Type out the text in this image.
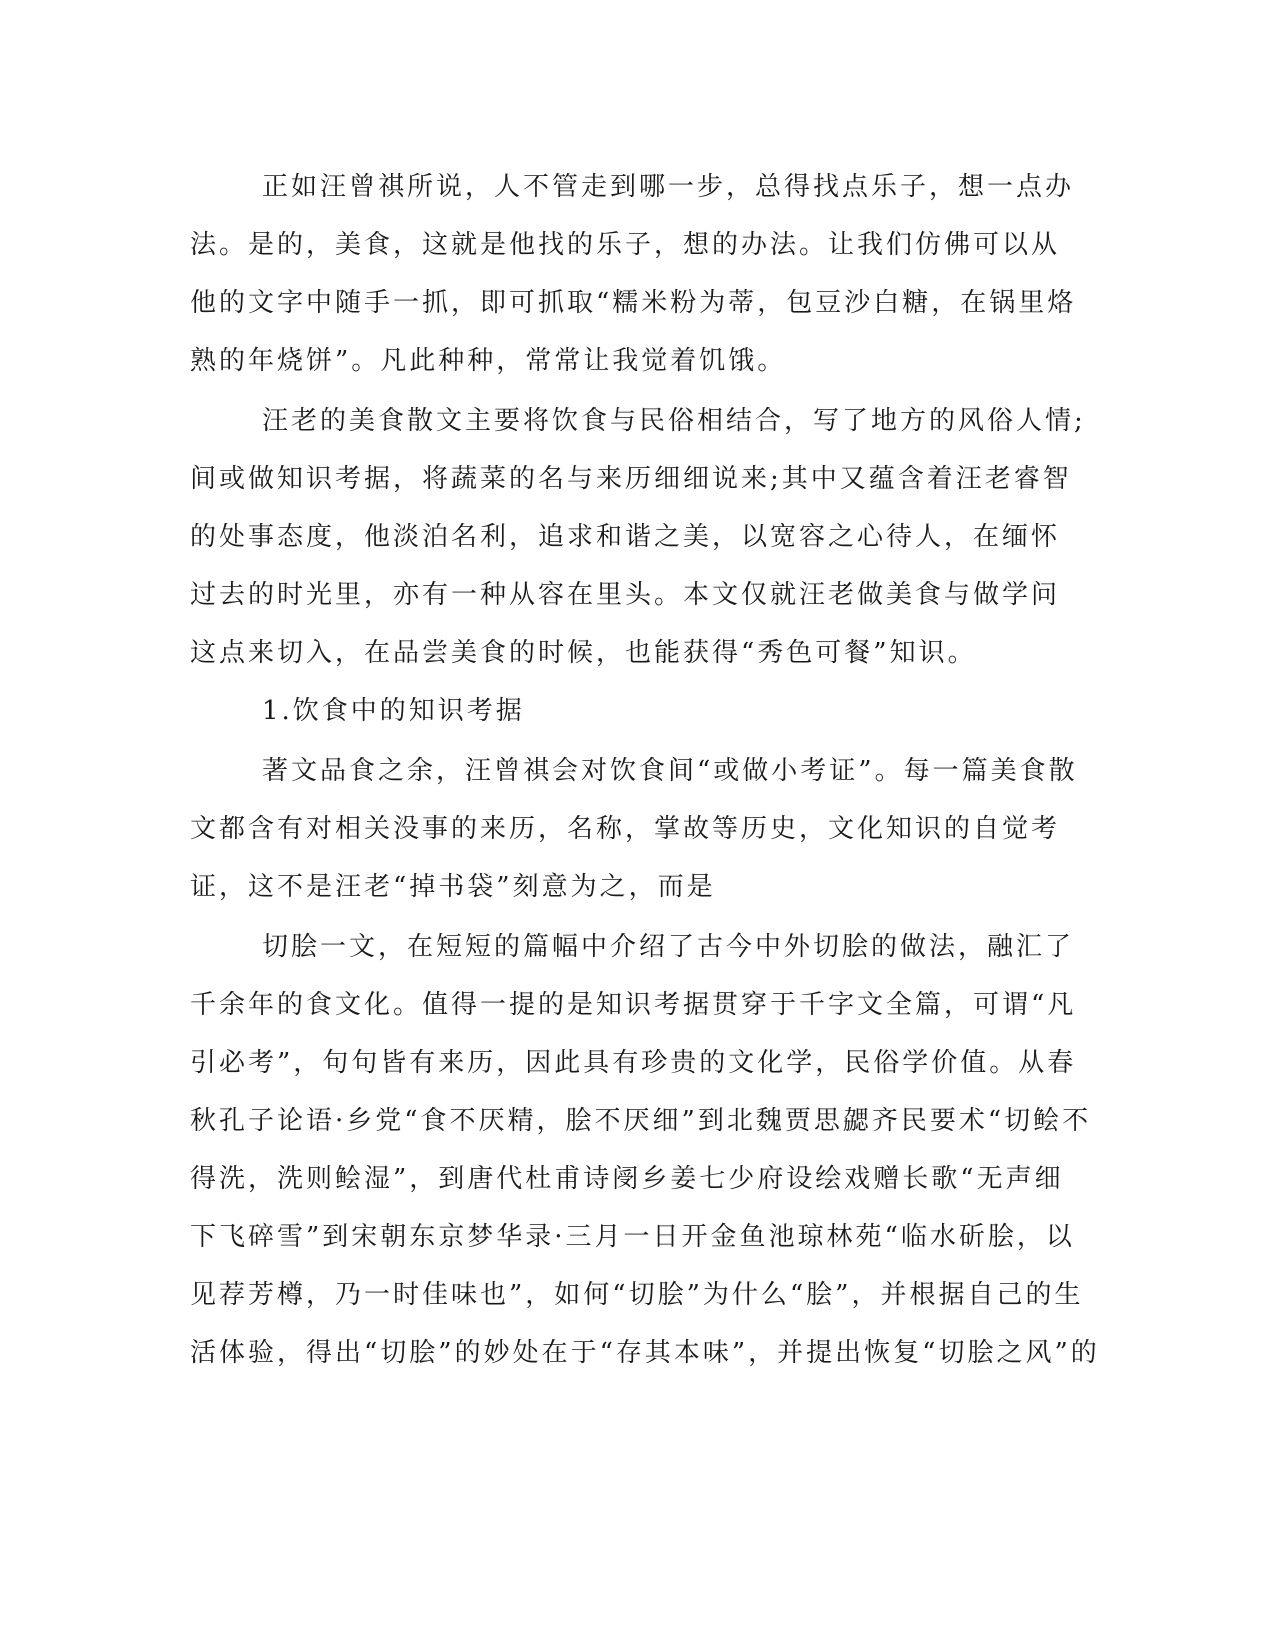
正如汪曾祺所说，人不管走到哪一步，总得找点乐子，想一点办
法。是的，美食，这就是他找的乐子，想的办法。让我们仿佛可以从
他的文字中随手一抓，即可抓取“糯米粉为蒂，包豆沙白糖，在锅里烙
熟的年烧饼”。凡此种种，常常让我觉着饥饿。
汪老的美食散文主要将饮食与民俗相结合，写了地方的风俗人情;
间或做知识考据，将蔬菜的名与来历细细说来;其中又蕴含着汪老睿智
的处事态度，他淡泊名利，追求和谐之美，以宽容之心待人，在缅怀
过去的时光里，亦有一种从容在里头。本文仅就汪老做美食与做学问
这点来切入，在品尝美食的时候，也能获得“秀色可餐”知识。
1.饮食中的知识考据
著文品食之余，汪曾祺会对饮食间“或做小考证”。每一篇美食散
文都含有对相关没事的来历，名称，掌故等历史，文化知识的自觉考
证，这不是汪老“掉书袋”刻意为之，而是
切脍一文，在短短的篇幅中介绍了古今中外切脍的做法，融汇了
千余年的食文化。值得一提的是知识考据贯穿于千字文全篇，可谓“凡
引必考”，句句皆有来历，因此具有珍贵的文化学，民俗学价值。从春
秋孔子论语·乡党“食不厌精，脍不厌细”到北魏贾思勰齐民要术“切鲙不
得洗，洗则鲙湿”，到唐代杜甫诗阌乡姜七少府设绘戏赠长歌“无声细
下飞碎雪”到宋朝东京梦华录·三月一日开金鱼池琼林苑“临水斫脍，以
见荐芳樽，乃一时佳味也”，如何“切脍”为什么“脍”，并根据自己的生
活体验，得出“切脍”的妙处在于“存其本味”，并提出恢复“切脍之风”的
